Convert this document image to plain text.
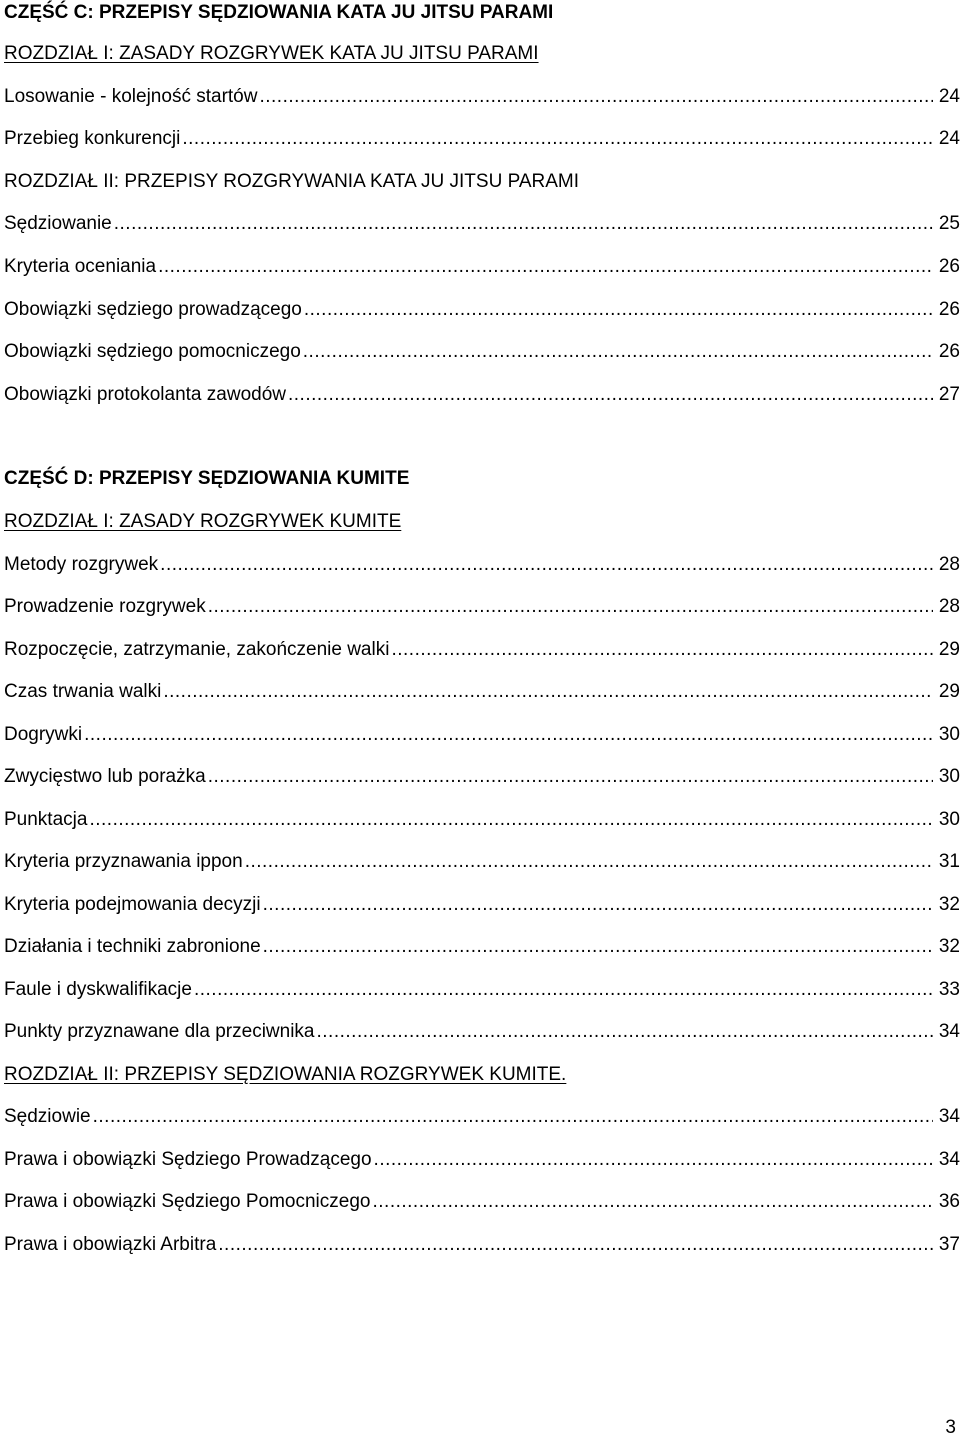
CZĘŚĆ C: PRZEPISY SĘDZIOWANIA KATA JU JITSU PARAMI
ROZDZIAŁ I: ZASADY ROZGRYWEK KATA JU JITSU PARAMI
Losowanie - kolejność startów .....	24
Przebieg konkurencji .....	24
ROZDZIAŁ II: PRZEPISY ROZGRYWANIA KATA JU JITSU PARAMI
Sędziowanie .....	25
Kryteria oceniania .....	26
Obowiązki sędziego prowadzącego .....	26
Obowiązki sędziego pomocniczego .....	26
Obowiązki protokolanta zawodów .....	27
CZĘŚĆ D: PRZEPISY SĘDZIOWANIA KUMITE
ROZDZIAŁ I: ZASADY ROZGRYWEK KUMITE
Metody rozgrywek .....	28
Prowadzenie rozgrywek .....	28
Rozpoczęcie, zatrzymanie, zakończenie walki .....	29
Czas trwania walki .....	29
Dogrywki .....	30
Zwycięstwo lub porażka .....	30
Punktacja .....	30
Kryteria przyznawania ippon .....	31
Kryteria podejmowania decyzji .....	32
Działania i techniki zabronione .....	32
Faule i dyskwalifikacje .....	33
Punkty przyznawane dla przeciwnika .....	34
ROZDZIAŁ II: PRZEPISY SĘDZIOWANIA ROZGRYWEK KUMITE.
Sędziowie .....	34
Prawa i obowiązki Sędziego Prowadzącego .....	34
Prawa i obowiązki Sędziego Pomocniczego .....	36
Prawa i obowiązki Arbitra .....	37
3
